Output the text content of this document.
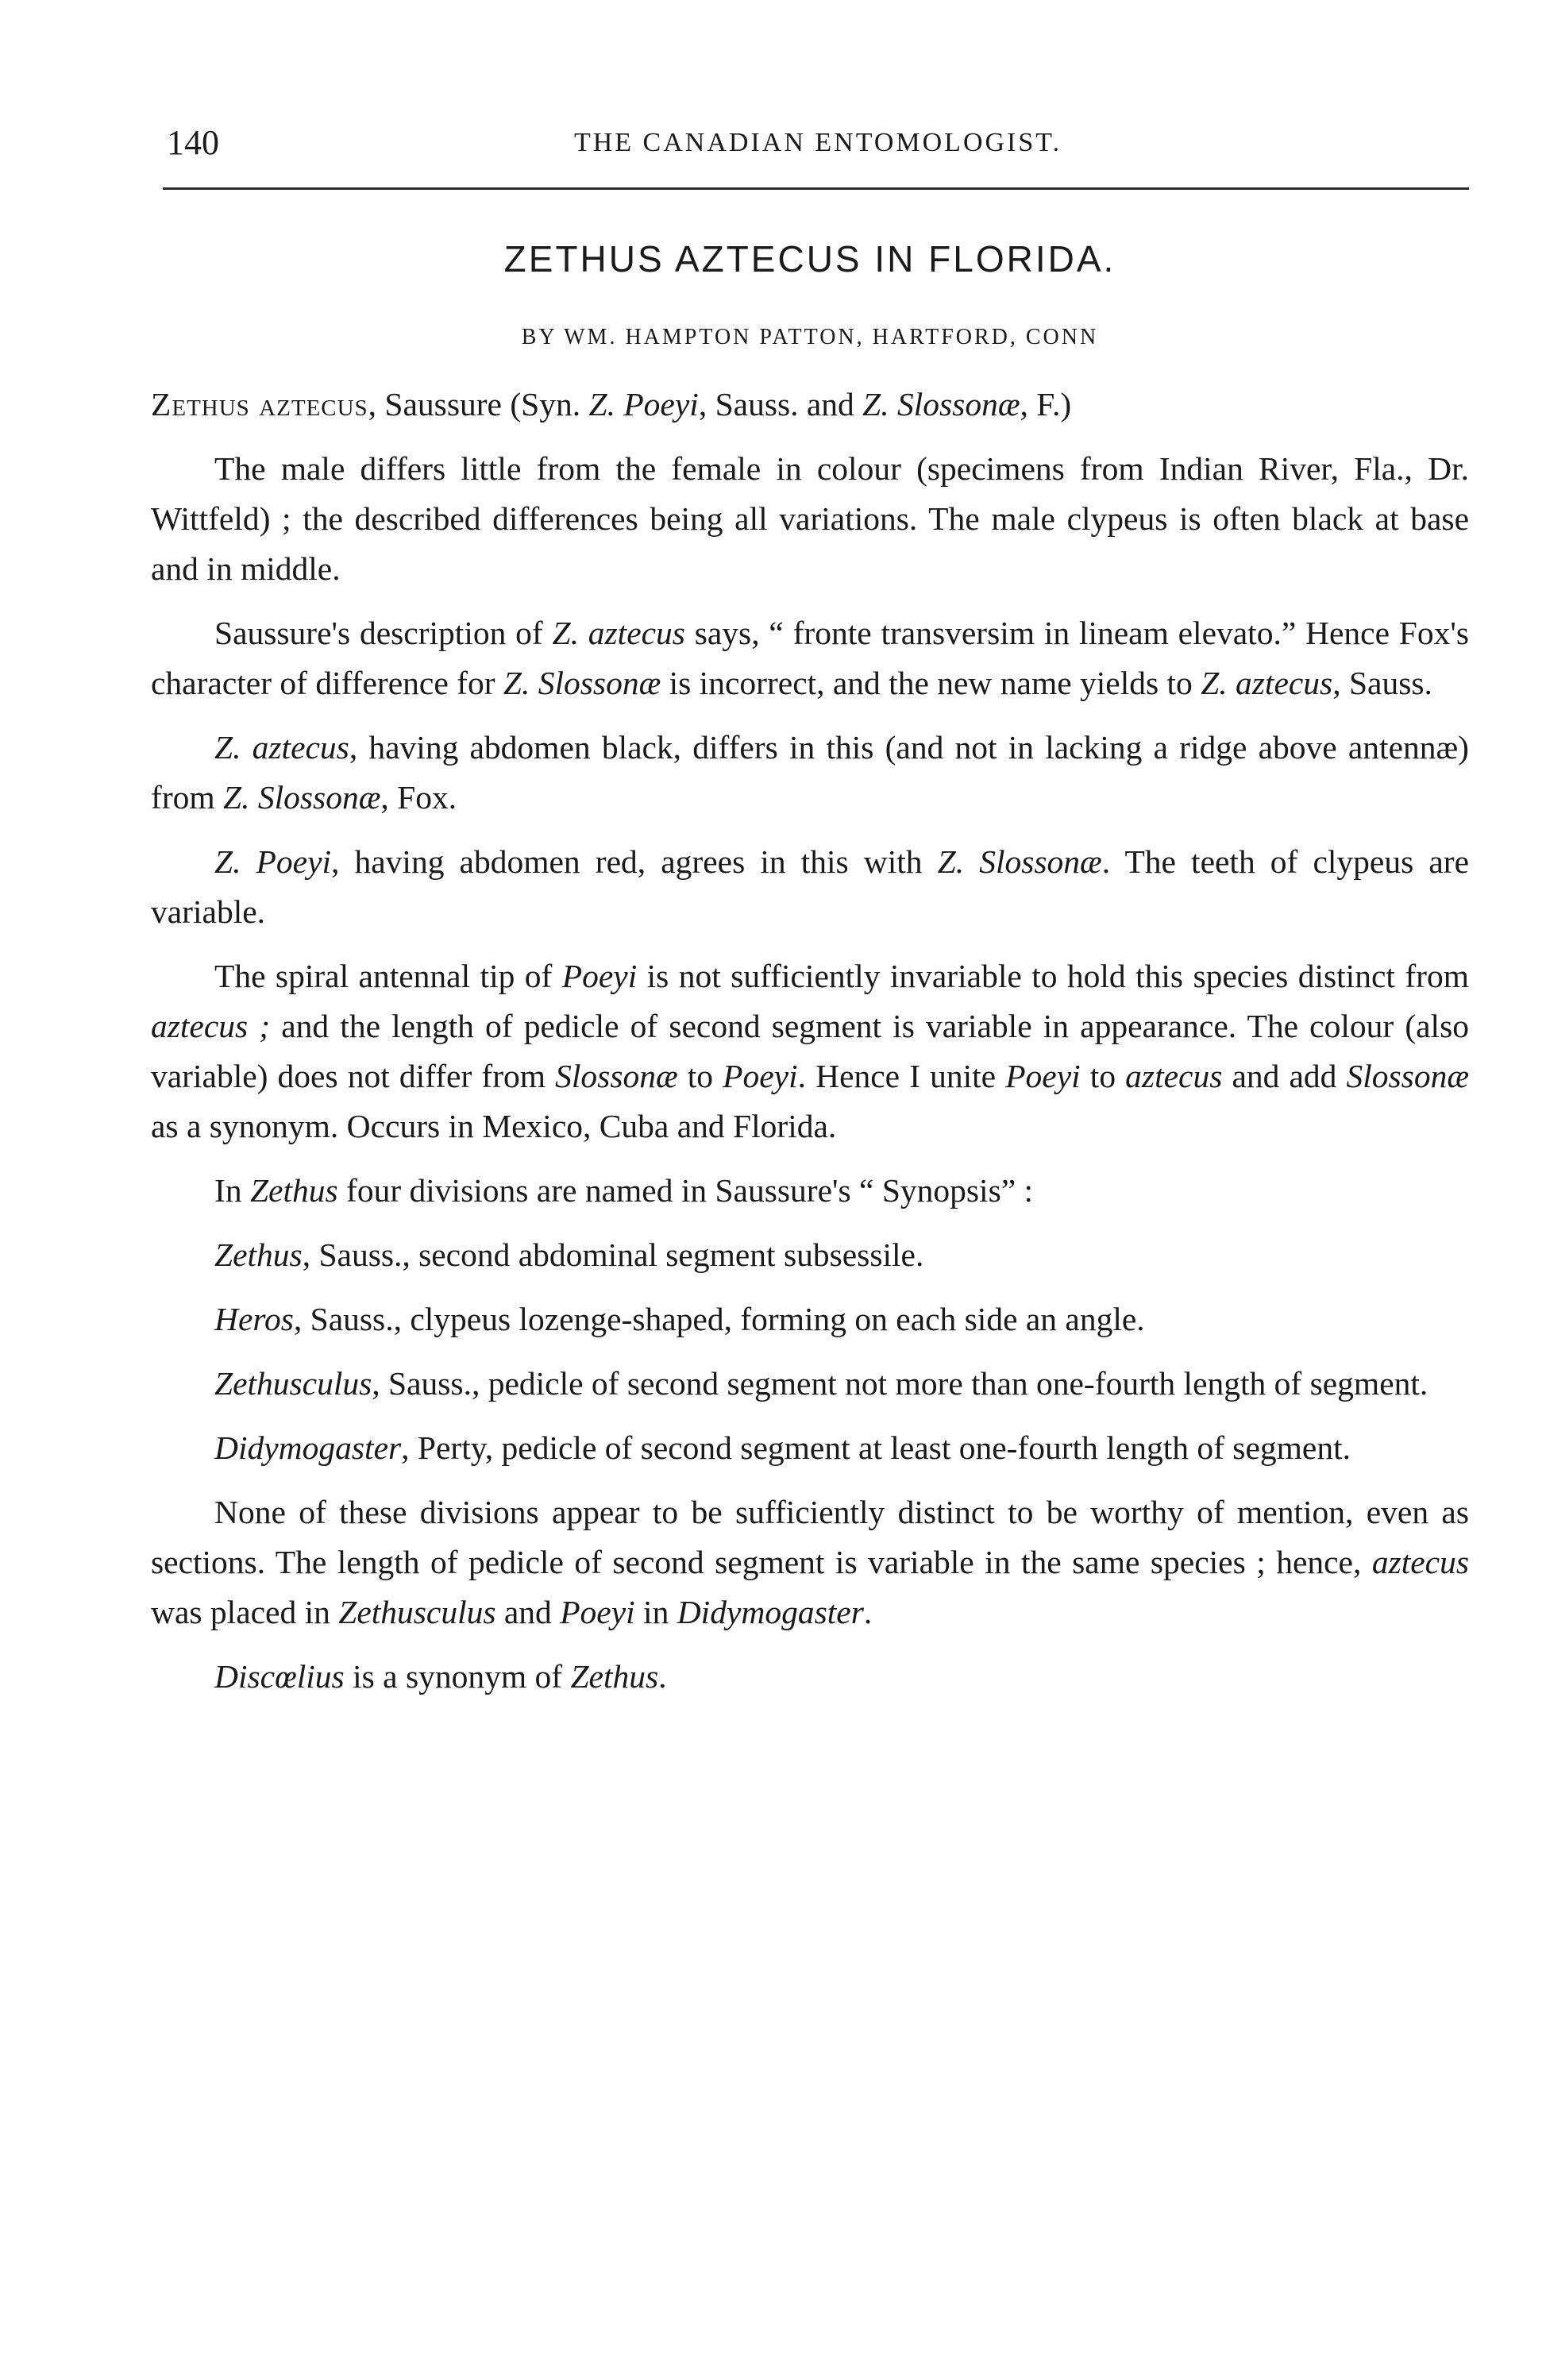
140	THE CANADIAN ENTOMOLOGIST.
ZETHUS AZTECUS IN FLORIDA.
BY WM. HAMPTON PATTON, HARTFORD, CONN

Zethus aztecus, Saussure (Syn. Z. Poeyi, Sauss. and Z. Slossonæ, F.)

The male differs little from the female in colour (specimens from Indian River, Fla., Dr. Wittfeld) ; the described differences being all variations. The male clypeus is often black at base and in middle.

Saussure's description of Z. aztecus says, “ fronte transversim in lineam elevato.” Hence Fox's character of difference for Z. Slossonæ is incorrect, and the new name yields to Z. aztecus, Sauss.

Z. aztecus, having abdomen black, differs in this (and not in lacking a ridge above antennæ) from Z. Slossonæ, Fox.

Z. Poeyi, having abdomen red, agrees in this with Z. Slossonæ. The teeth of clypeus are variable.

The spiral antennal tip of Poeyi is not sufficiently invariable to hold this species distinct from aztecus ; and the length of pedicle of second segment is variable in appearance. The colour (also variable) does not differ from Slossonæ to Poeyi. Hence I unite Poeyi to aztecus and add Slossonæ as a synonym. Occurs in Mexico, Cuba and Florida.

In Zethus four divisions are named in Saussure's “ Synopsis” :

Zethus, Sauss., second abdominal segment subsessile.

Heros, Sauss., clypeus lozenge-shaped, forming on each side an angle.

Zethusculus, Sauss., pedicle of second segment not more than one-fourth length of segment.

Didymogaster, Perty, pedicle of second segment at least one-fourth length of segment.

None of these divisions appear to be sufficiently distinct to be worthy of mention, even as sections. The length of pedicle of second segment is variable in the same species ; hence, aztecus was placed in Zethusculus and Poeyi in Didymogaster.

Discœlius is a synonym of Zethus.
